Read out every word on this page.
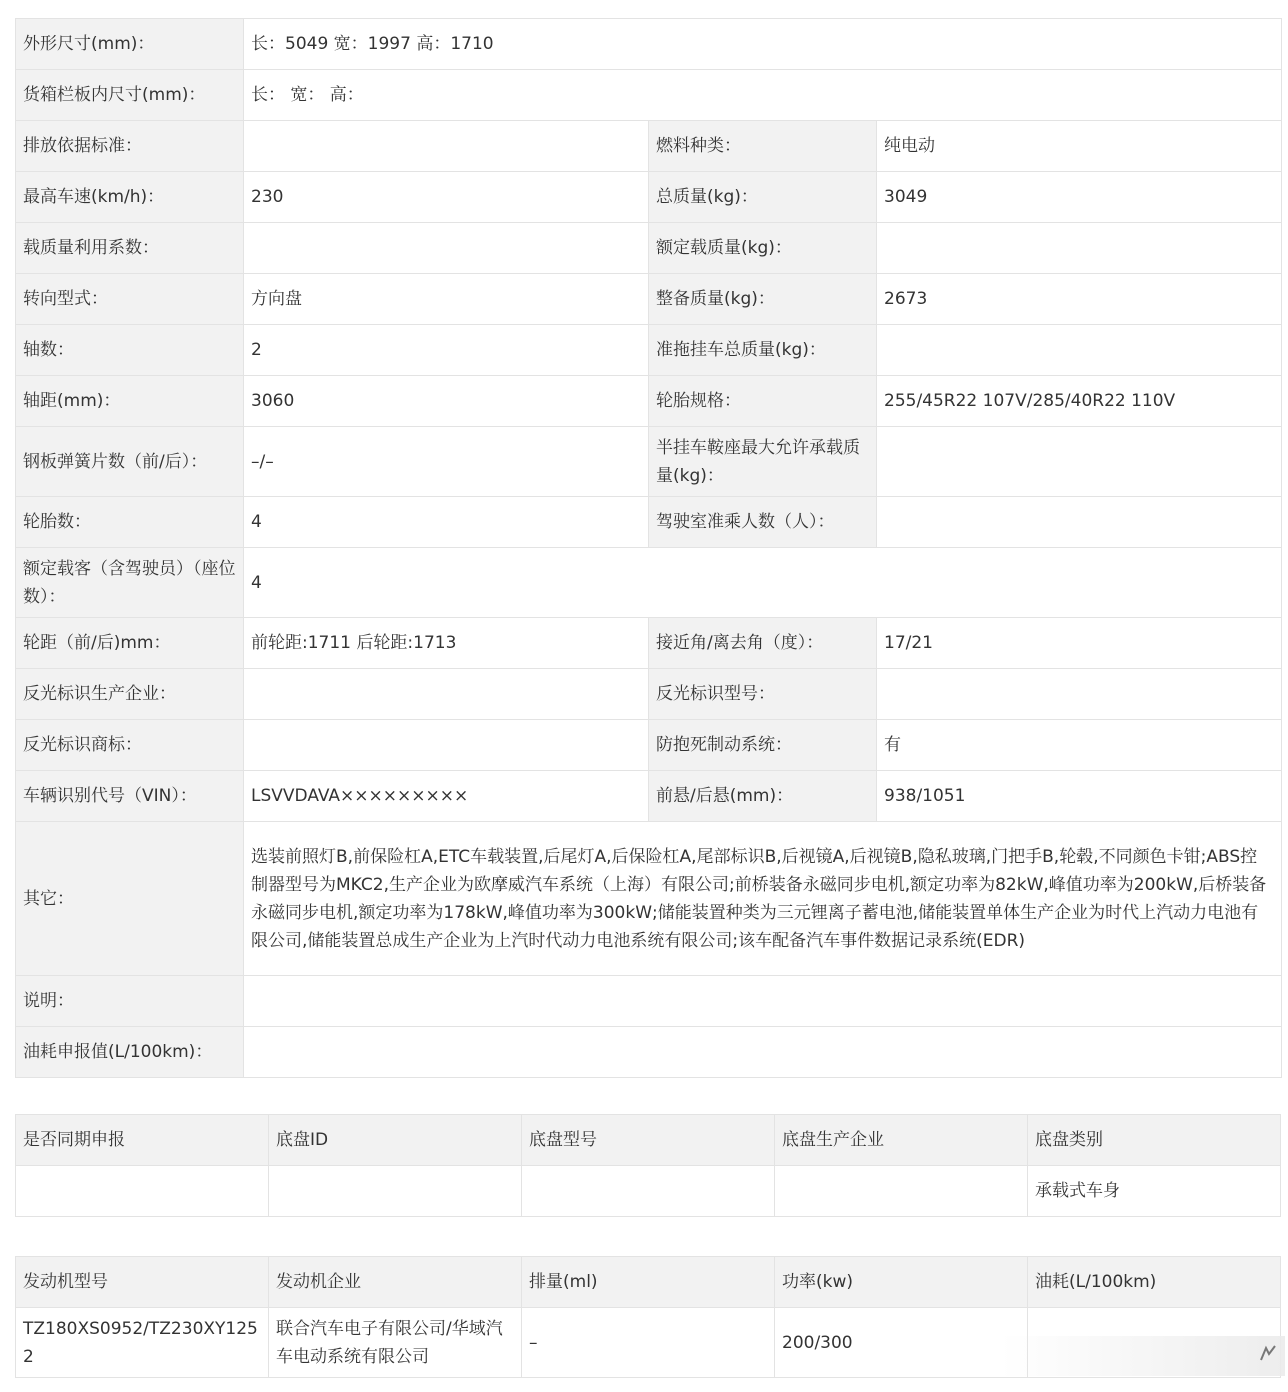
外形尺寸(mm)：	长：5049 宽：1997 高：1710		
货箱栏板内尺寸(mm)：	长： 宽： 高：		
排放依据标准：		燃料种类：	纯电动
最高车速(km/h)：	230	总质量(kg)：	3049
载质量利用系数：		额定载质量(kg)：	
转向型式：	方向盘	整备质量(kg)：	2673
轴数：	2	准拖挂车总质量(kg)：	
轴距(mm)：	3060	轮胎规格：	255/45R22 107V/285/40R22 110V
钢板弹簧片数（前/后）：	–/–	半挂车鞍座最大允许承载质量(kg)：	
轮胎数：	4	驾驶室准乘人数（人）：	
额定载客（含驾驶员）（座位数）：	4		
轮距（前/后)mm：	前轮距:1711 后轮距:1713	接近角/离去角（度）：	17/21
反光标识生产企业：		反光标识型号：	
反光标识商标：		防抱死制动系统：	有
车辆识别代号（VIN）：	LSVVDAVA×××××××××	前悬/后悬(mm)：	938/1051
其它：	选装前照灯B,前保险杠A,ETC车载装置,后尾灯A,后保险杠A,尾部标识B,后视镜A,后视镜B,隐私玻璃,门把手B,轮毂,不同颜色卡钳;ABS控制器型号为MKC2,生产企业为欧摩威汽车系统（上海）有限公司;前桥装备永磁同步电机,额定功率为82kW,峰值功率为200kW,后桥装备永磁同步电机,额定功率为178kW,峰值功率为300kW;储能装置种类为三元锂离子蓄电池,储能装置单体生产企业为时代上汽动力电池有限公司,储能装置总成生产企业为上汽时代动力电池系统有限公司;该车配备汽车事件数据记录系统(EDR)		
说明：			
油耗申报值(L/100km)：			
是否同期申报	底盘ID	底盘型号	底盘生产企业	底盘类别
				承载式车身
发动机型号	发动机企业	排量(ml)	功率(kw)	油耗(L/100km)
TZ180XS0952/TZ230XY1252	联合汽车电子有限公司/华域汽车电动系统有限公司	–	200/300	
